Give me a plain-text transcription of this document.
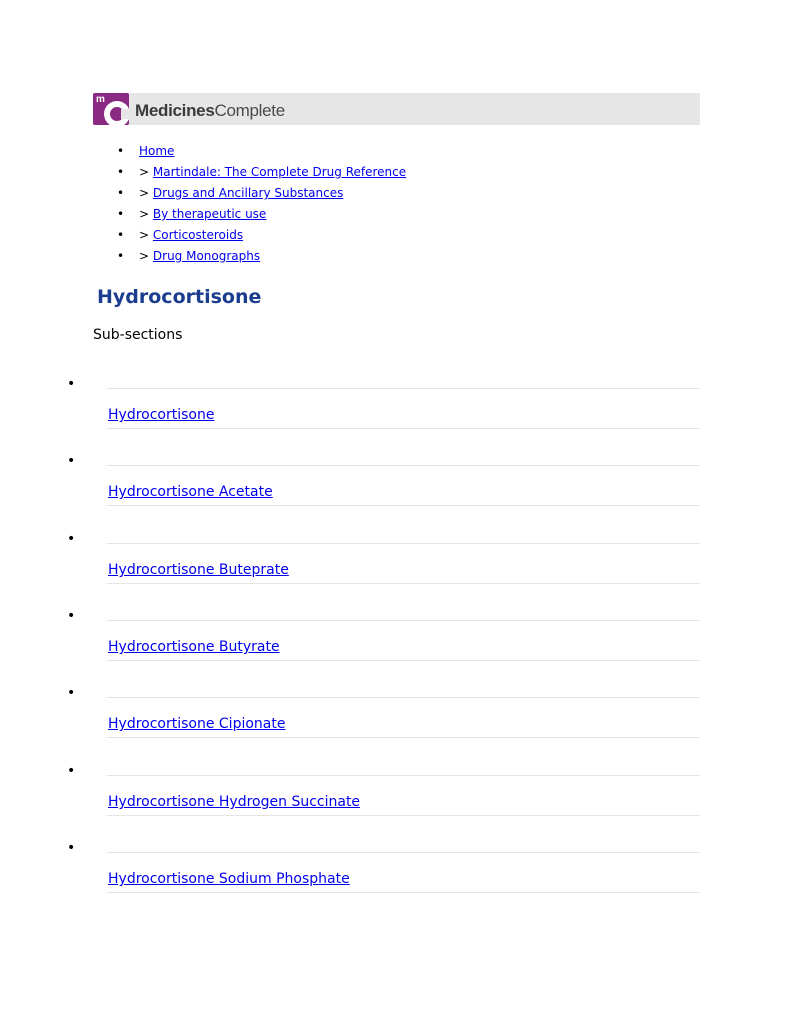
m
MedicinesComplete
• Home
• > Martindale: The Complete Drug Reference
• > Drugs and Ancillary Substances
• > By therapeutic use
• > Corticosteroids
• > Drug Monographs
Hydrocortisone
Sub-sections
•
Hydrocortisone
•
Hydrocortisone Acetate
•
Hydrocortisone Buteprate
•
Hydrocortisone Butyrate
•
Hydrocortisone Cipionate
•
Hydrocortisone Hydrogen Succinate
•
Hydrocortisone Sodium Phosphate
